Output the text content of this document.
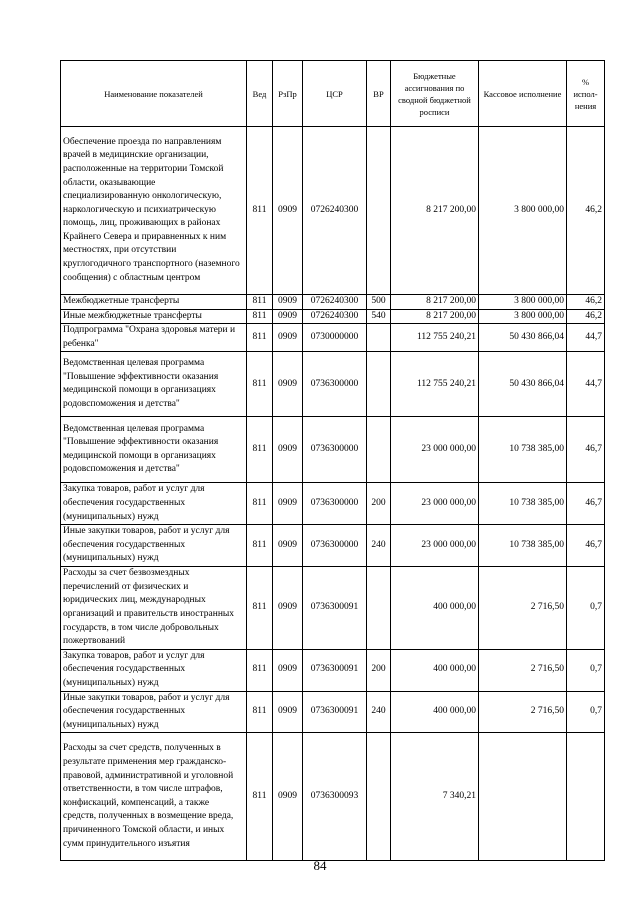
Наименование показателей	Вед	РзПр	ЦСР	ВР	Бюджетные ассигнования по сводной бюджетной росписи	Кассовое исполнение	% испол- нения
Обеспечение проезда по направлениям врачей в медицинские организации, расположенные на территории Томской области, оказывающие специализированную онкологическую, наркологическую и психиатрическую помощь, лиц, проживающих в районах Крайнего Севера и приравненных к ним местностях, при отсутствии круглогодичного транспортного (наземного сообщения) с областным центром	811	0909	0726240300		8 217 200,00	3 800 000,00	46,2
Межбюджетные трансферты	811	0909	0726240300	500	8 217 200,00	3 800 000,00	46,2
Иные межбюджетные трансферты	811	0909	0726240300	540	8 217 200,00	3 800 000,00	46,2
Подпрограмма "Охрана здоровья матери и ребенка"	811	0909	0730000000		112 755 240,21	50 430 866,04	44,7
Ведомственная целевая программа "Повышение эффективности оказания медицинской помощи в организациях родовспоможения и детства"	811	0909	0736300000		112 755 240,21	50 430 866,04	44,7
Ведомственная целевая программа "Повышение эффективности оказания медицинской помощи в организациях родовспоможения и детства"	811	0909	0736300000		23 000 000,00	10 738 385,00	46,7
Закупка товаров, работ и услуг для обеспечения государственных (муниципальных) нужд	811	0909	0736300000	200	23 000 000,00	10 738 385,00	46,7
Иные закупки товаров, работ и услуг для обеспечения государственных (муниципальных) нужд	811	0909	0736300000	240	23 000 000,00	10 738 385,00	46,7
Расходы за счет безвозмездных перечислений от физических и юридических лиц, международных организаций и правительств иностранных государств, в том числе добровольных пожертвований	811	0909	0736300091		400 000,00	2 716,50	0,7
Закупка товаров, работ и услуг для обеспечения государственных (муниципальных) нужд	811	0909	0736300091	200	400 000,00	2 716,50	0,7
Иные закупки товаров, работ и услуг для обеспечения государственных (муниципальных) нужд	811	0909	0736300091	240	400 000,00	2 716,50	0,7
Расходы за счет средств, полученных в результате применения мер гражданско-правовой, административной и уголовной ответственности, в том числе штрафов, конфискаций, компенсаций, а также средств, полученных в возмещение вреда, причиненного Томской области, и иных сумм принудительного изъятия	811	0909	0736300093		7 340,21		
84
